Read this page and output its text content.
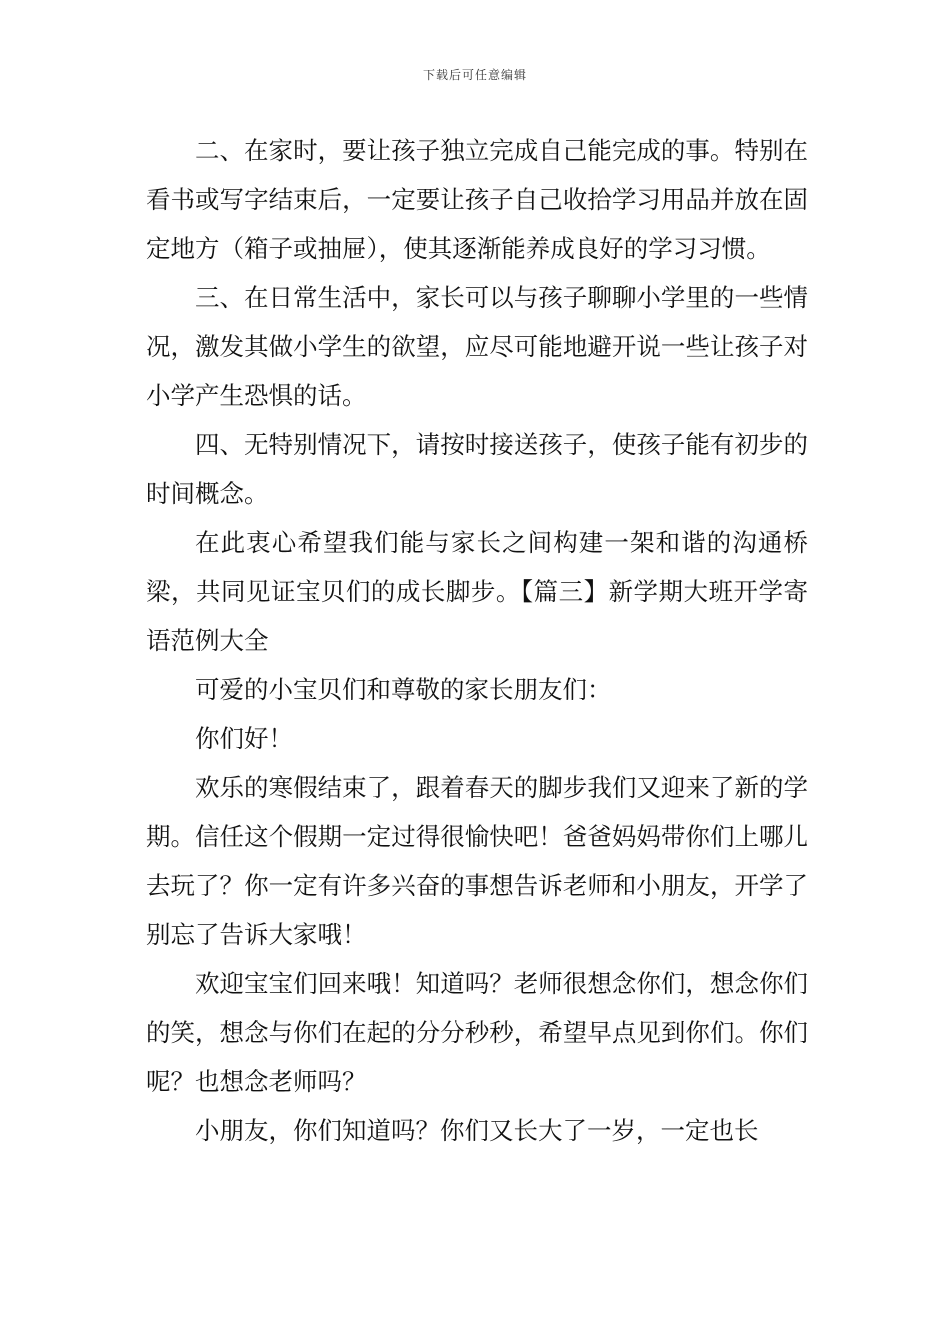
下载后可任意编辑

二、在家时，要让孩子独立完成自己能完成的事。特别在看书或写字结束后，一定要让孩子自己收拾学习用品并放在固定地方（箱子或抽屉），使其逐渐能养成良好的学习习惯。

三、在日常生活中，家长可以与孩子聊聊小学里的一些情况，激发其做小学生的欲望，应尽可能地避开说一些让孩子对小学产生恐惧的话。

四、无特别情况下，请按时接送孩子，使孩子能有初步的时间概念。

在此衷心希望我们能与家长之间构建一架和谐的沟通桥梁，共同见证宝贝们的成长脚步。【篇三】新学期大班开学寄语范例大全

可爱的小宝贝们和尊敬的家长朋友们：

你们好！

欢乐的寒假结束了，跟着春天的脚步我们又迎来了新的学期。信任这个假期一定过得很愉快吧！爸爸妈妈带你们上哪儿去玩了？你一定有许多兴奋的事想告诉老师和小朋友，开学了别忘了告诉大家哦！

欢迎宝宝们回来哦！知道吗？老师很想念你们，想念你们的笑，想念与你们在起的分分秒秒，希望早点见到你们。你们呢？也想念老师吗？

小朋友，你们知道吗？你们又长大了一岁，一定也长
